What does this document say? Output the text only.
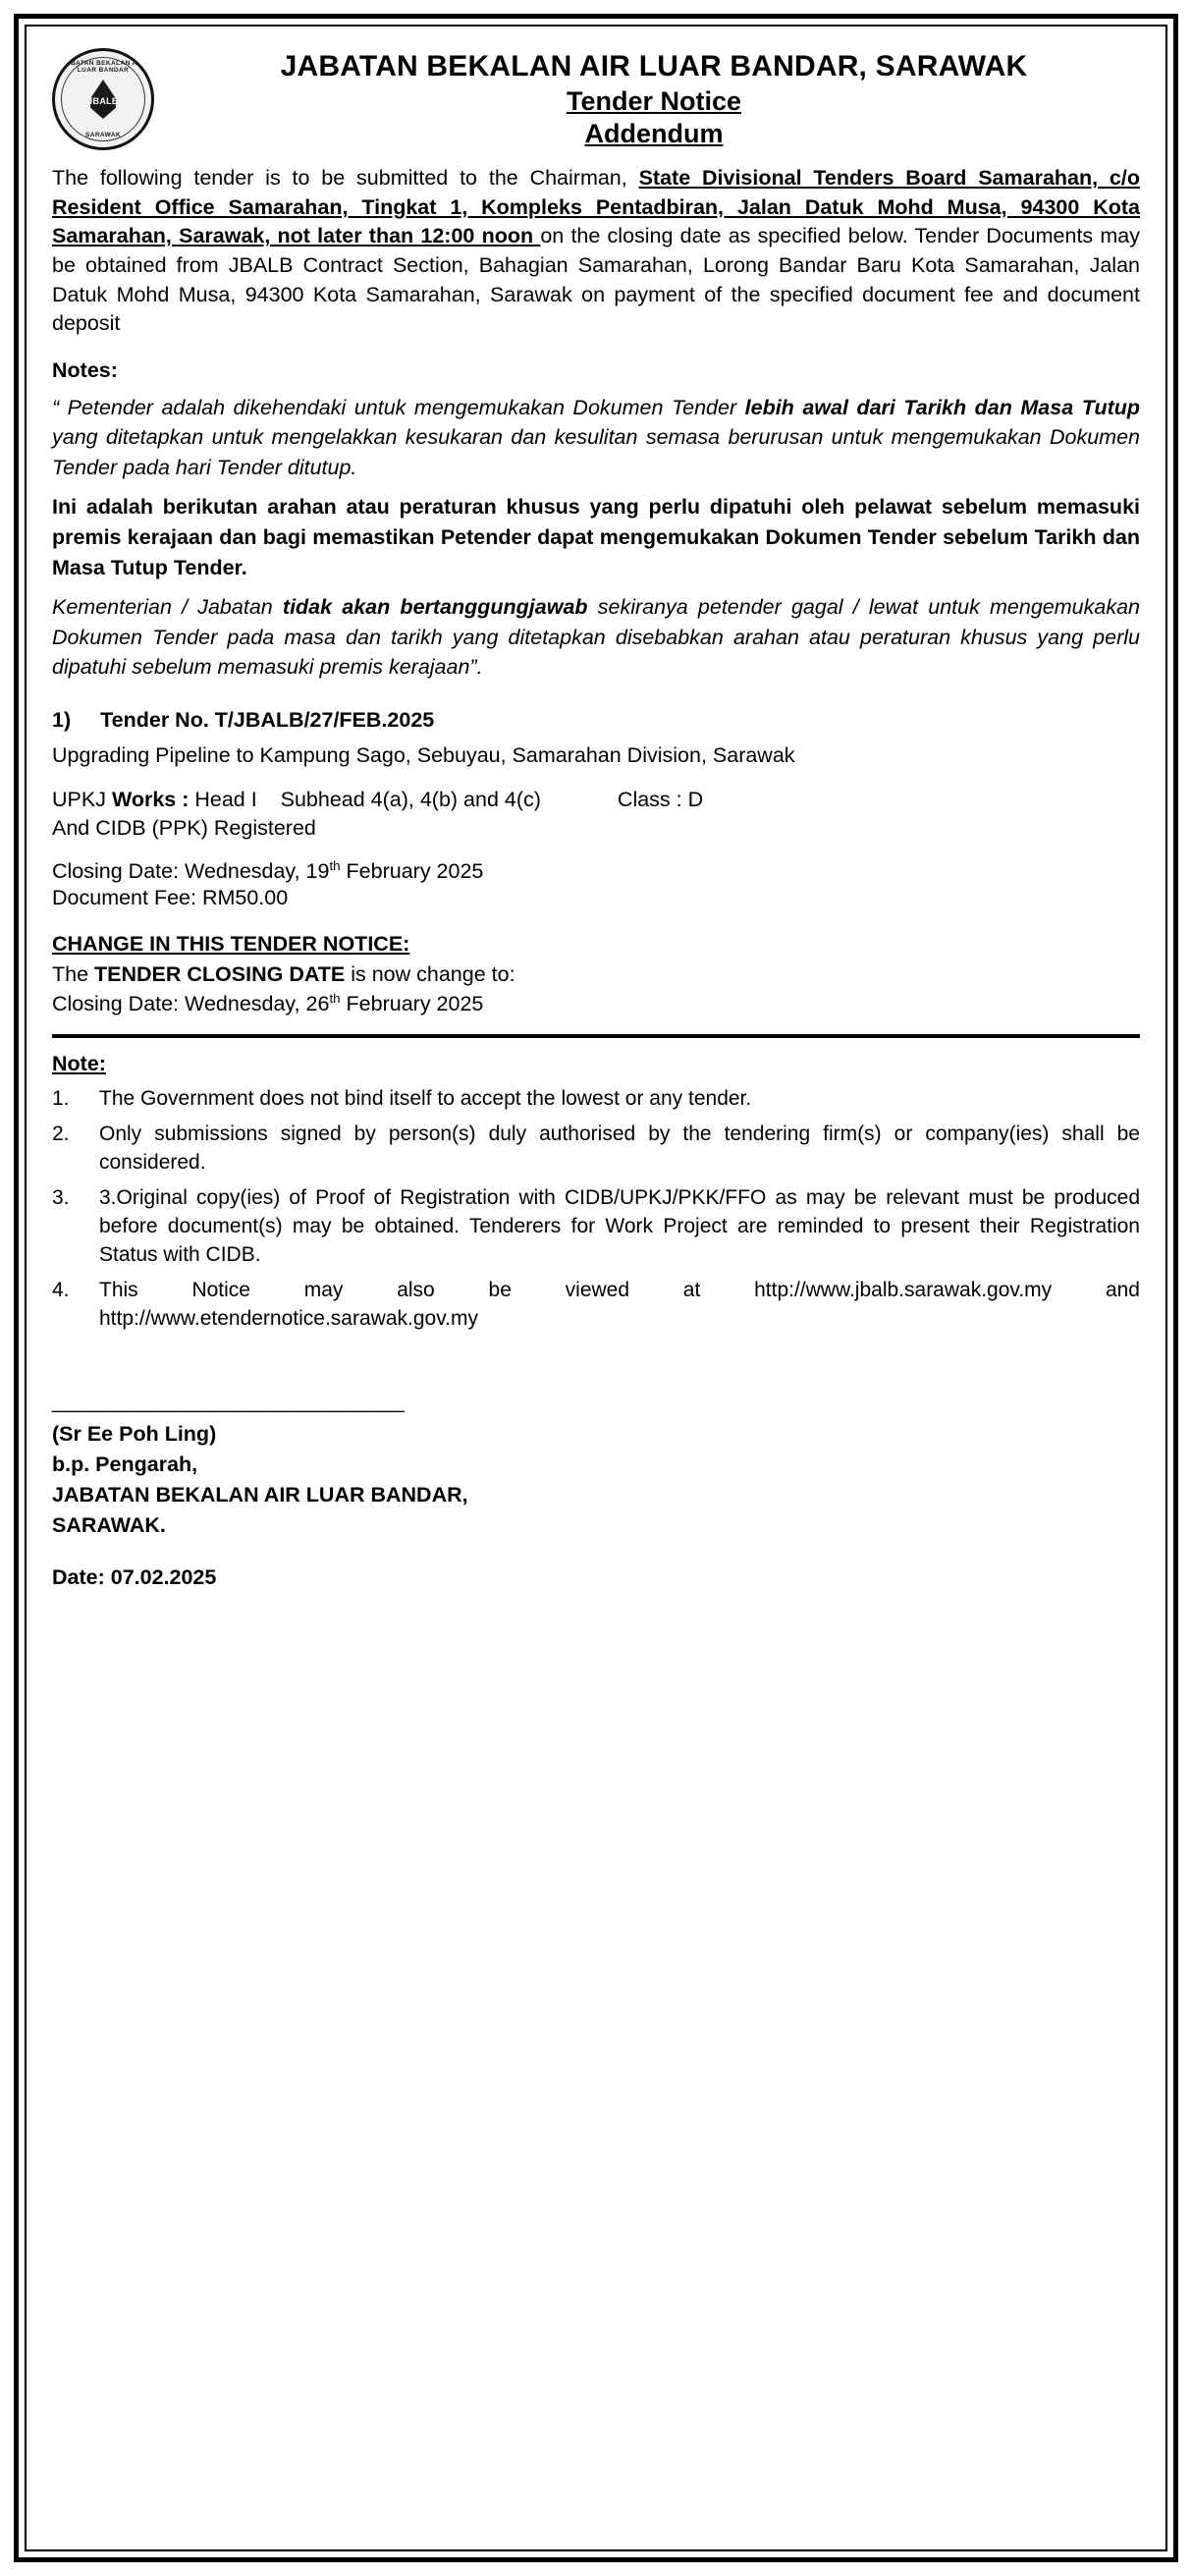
JABATAN BEKALAN AIR LUAR BANDAR
JBALB
SARAWAK
JABATAN BEKALAN AIR LUAR BANDAR, SARAWAK
Tender Notice
Addendum
The following tender is to be submitted to the Chairman, State Divisional Tenders Board Samarahan, c/o Resident Office Samarahan, Tingkat 1, Kompleks Pentadbiran, Jalan Datuk Mohd Musa, 94300 Kota Samarahan, Sarawak, not later than 12:00 noon on the closing date as specified below. Tender Documents may be obtained from JBALB Contract Section, Bahagian Samarahan, Lorong Bandar Baru Kota Samarahan, Jalan Datuk Mohd Musa, 94300 Kota Samarahan, Sarawak on payment of the specified document fee and document deposit
Notes:
“ Petender adalah dikehendaki untuk mengemukakan Dokumen Tender lebih awal dari Tarikh dan Masa Tutup yang ditetapkan untuk mengelakkan kesukaran dan kesulitan semasa berurusan untuk mengemukakan Dokumen Tender pada hari Tender ditutup.
Ini adalah berikutan arahan atau peraturan khusus yang perlu dipatuhi oleh pelawat sebelum memasuki premis kerajaan dan bagi memastikan Petender dapat mengemukakan Dokumen Tender sebelum Tarikh dan Masa Tutup Tender.
Kementerian / Jabatan tidak akan bertanggungjawab sekiranya petender gagal / lewat untuk mengemukakan Dokumen Tender pada masa dan tarikh yang ditetapkan disebabkan arahan atau peraturan khusus yang perlu dipatuhi sebelum memasuki premis kerajaan”.
1) Tender No. T/JBALB/27/FEB.2025
Upgrading Pipeline to Kampung Sago, Sebuyau, Samarahan Division, Sarawak
UPKJ Works : Head I    Subhead 4(a), 4(b) and 4(c)	Class : D
And CIDB (PPK) Registered
Closing Date: Wednesday, 19th February 2025
Document Fee: RM50.00
CHANGE IN THIS TENDER NOTICE:
The TENDER CLOSING DATE is now change to:
Closing Date: Wednesday, 26th February 2025
Note:
1.	The Government does not bind itself to accept the lowest or any tender.
2.	Only submissions signed by person(s) duly authorised by the tendering firm(s) or company(ies) shall be considered.
3.	3.Original copy(ies) of Proof of Registration with CIDB/UPKJ/PKK/FFO as may be relevant must be produced before document(s) may be obtained. Tenderers for Work Project are reminded to present their Registration Status with CIDB.
4.	This Notice may also be viewed at http://www.jbalb.sarawak.gov.my and http://www.etendernotice.sarawak.gov.my
______________________________
(Sr Ee Poh Ling)
b.p. Pengarah,
JABATAN BEKALAN AIR LUAR BANDAR,
SARAWAK.
Date: 07.02.2025
